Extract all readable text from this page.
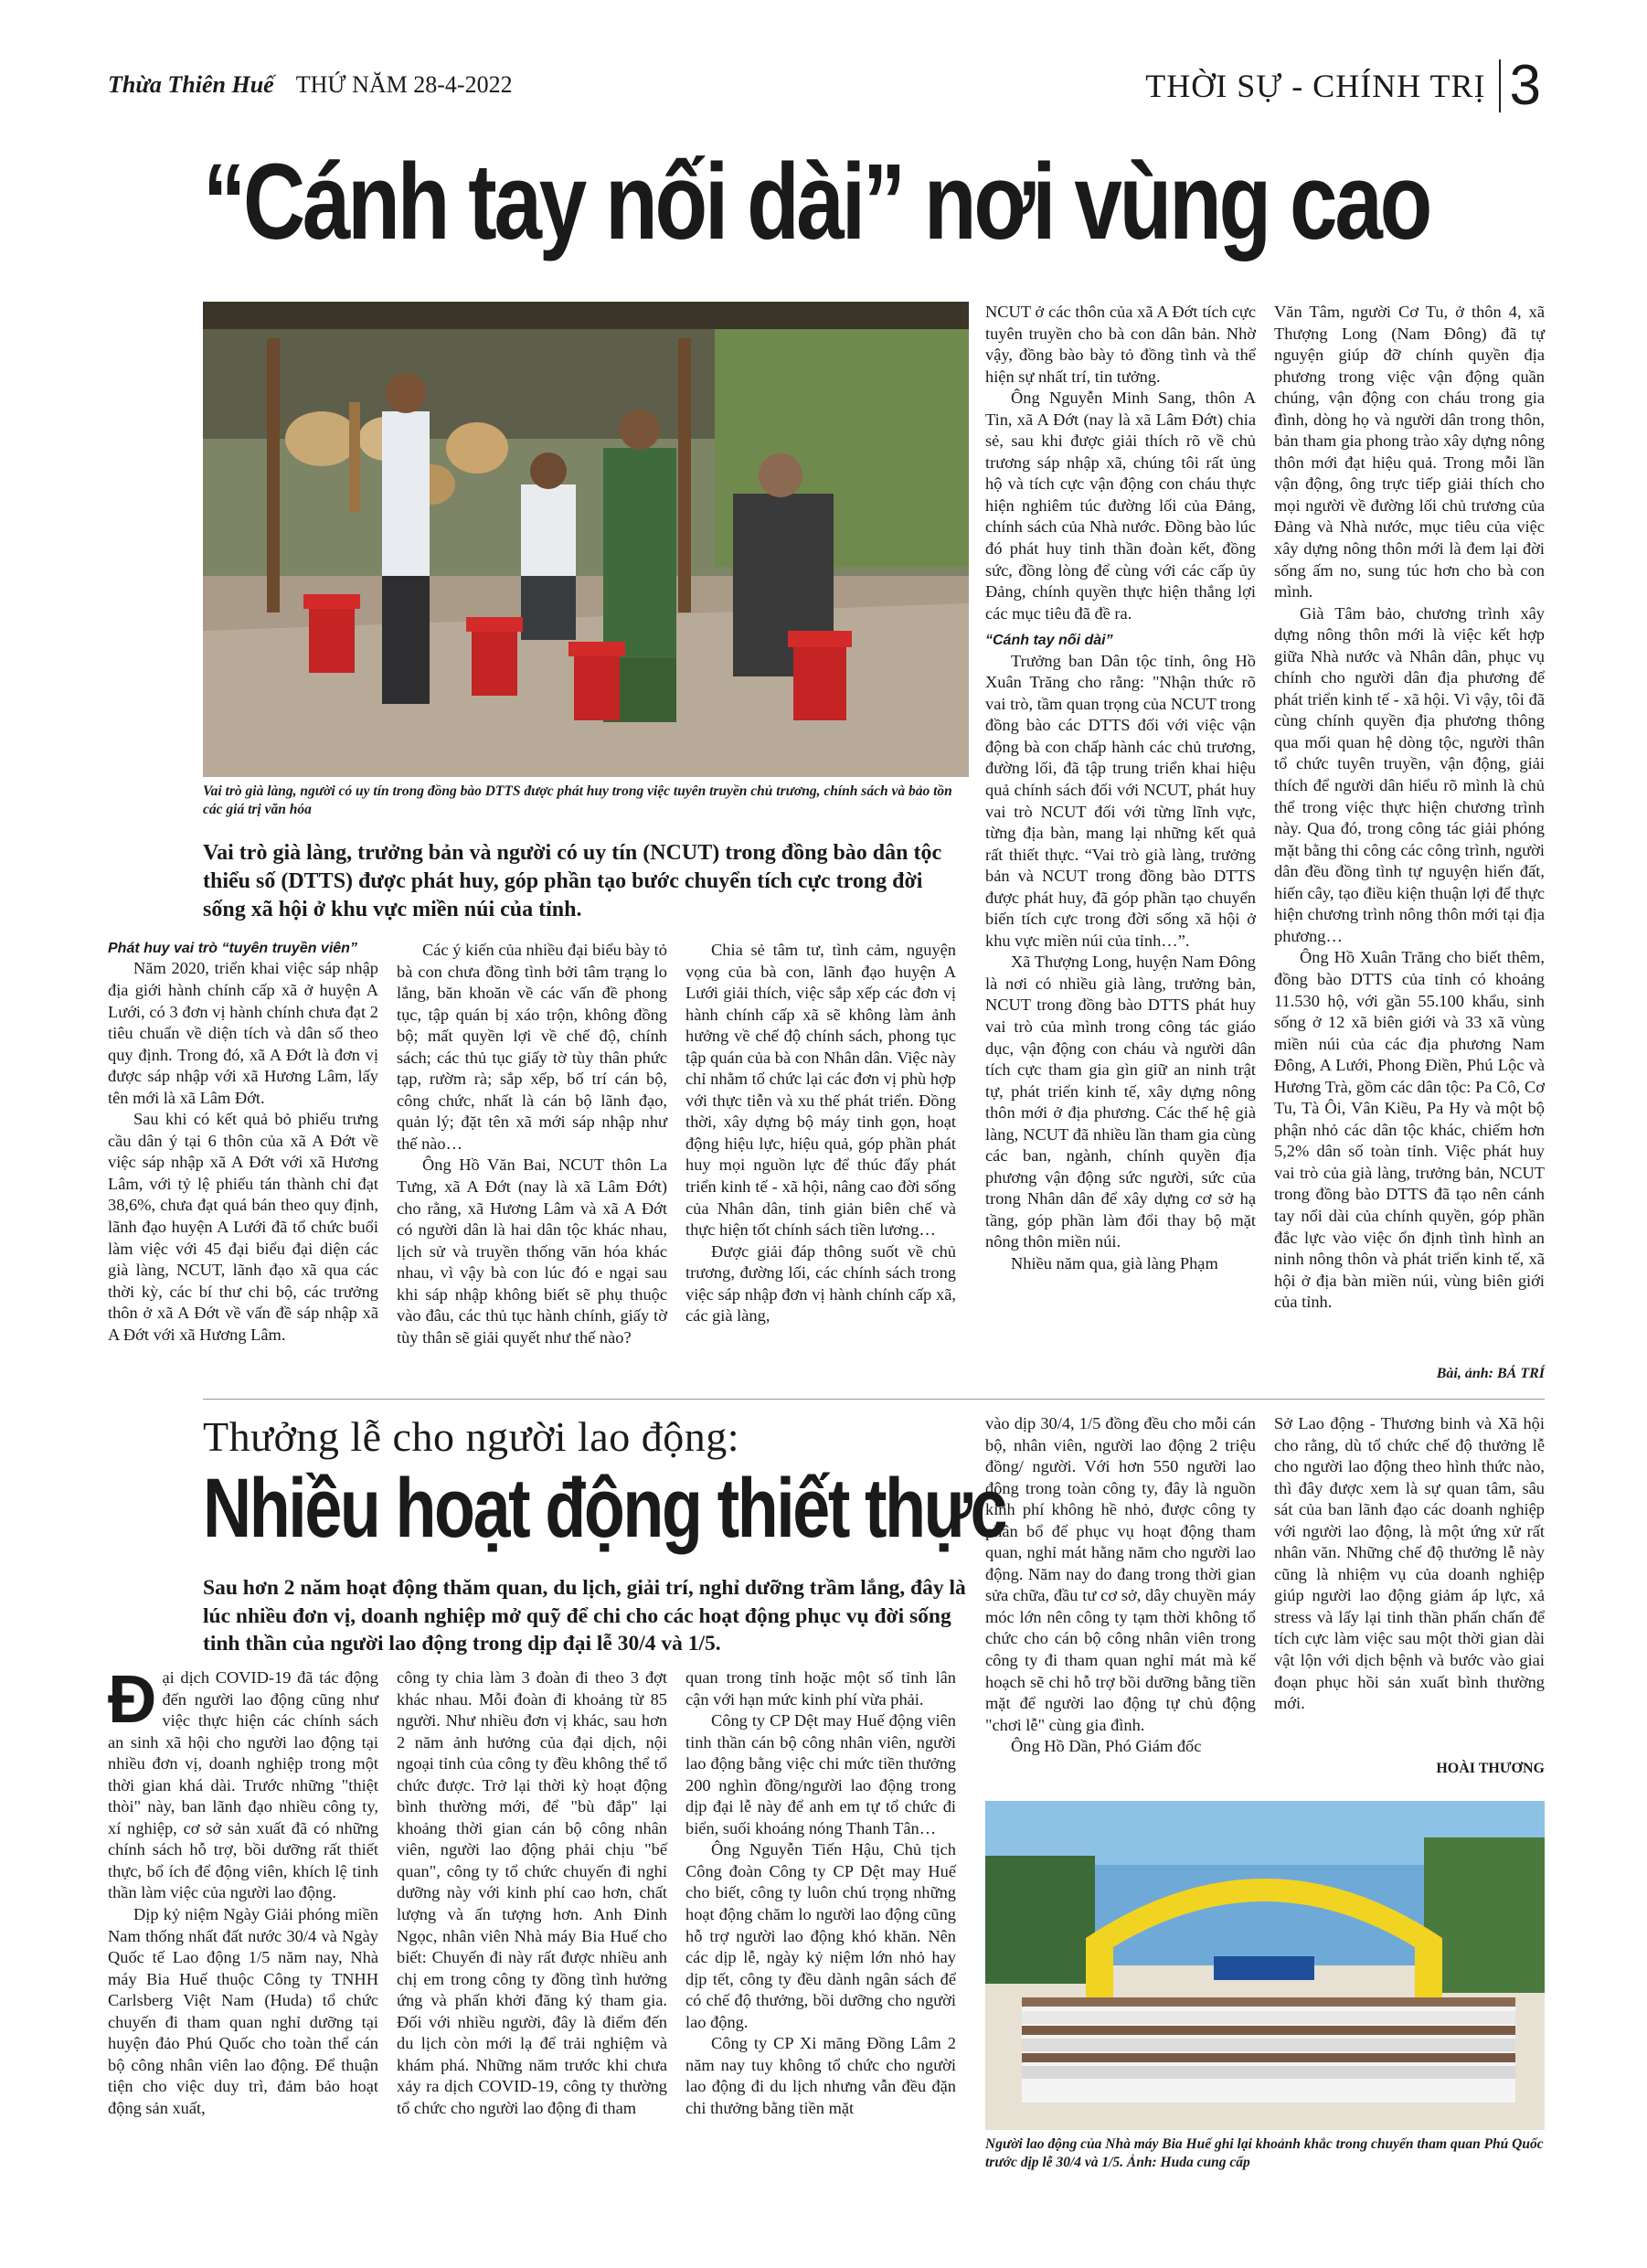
Thừa Thiên Huế THỨ NĂM 28-4-2022	THỜI SỰ - CHÍNH TRỊ 3
“Cánh tay nối dài” nơi vùng cao
Vai trò già làng, người có uy tín trong đồng bào DTTS được phát huy trong việc tuyên truyền chủ trương, chính sách và bảo tồn các giá trị văn hóa
Vai trò già làng, trưởng bản và người có uy tín (NCUT) trong đồng bào dân tộc thiểu số (DTTS) được phát huy, góp phần tạo bước chuyển tích cực trong đời sống xã hội ở khu vực miền núi của tỉnh.
Phát huy vai trò “tuyên truyền viên”

Năm 2020, triển khai việc sáp nhập địa giới hành chính cấp xã ở huyện A Lưới, có 3 đơn vị hành chính chưa đạt 2 tiêu chuẩn về diện tích và dân số theo quy định. Trong đó, xã A Đớt là đơn vị được sáp nhập với xã Hương Lâm, lấy tên mới là xã Lâm Đớt.

Sau khi có kết quả bỏ phiếu trưng cầu dân ý tại 6 thôn của xã A Đớt về việc sáp nhập xã A Đớt với xã Hương Lâm, với tỷ lệ phiếu tán thành chỉ đạt 38,6%, chưa đạt quá bán theo quy định, lãnh đạo huyện A Lưới đã tổ chức buổi làm việc với 45 đại biểu đại diện các già làng, NCUT, lãnh đạo xã qua các thời kỳ, các bí thư chi bộ, các trưởng thôn ở xã A Đớt về vấn đề sáp nhập xã A Đớt với xã Hương Lâm.

Các ý kiến của nhiều đại biểu bày tỏ bà con chưa đồng tình bởi tâm trạng lo lắng, băn khoăn về các vấn đề phong tục, tập quán bị xáo trộn, không đồng bộ; mất quyền lợi về chế độ, chính sách; các thủ tục giấy tờ tùy thân phức tạp, rườm rà; sắp xếp, bố trí cán bộ, công chức, nhất là cán bộ lãnh đạo, quản lý; đặt tên xã mới sáp nhập như thế nào…

Ông Hồ Văn Bai, NCUT thôn La Tưng, xã A Đớt (nay là xã Lâm Đớt) cho rằng, xã Hương Lâm và xã A Đớt có người dân là hai dân tộc khác nhau, lịch sử và truyền thống văn hóa khác nhau, vì vậy bà con lúc đó e ngại sau khi sáp nhập không biết sẽ phụ thuộc vào đâu, các thủ tục hành chính, giấy tờ tùy thân sẽ giải quyết như thế nào?

Chia sẻ tâm tư, tình cảm, nguyện vọng của bà con, lãnh đạo huyện A Lưới giải thích, việc sắp xếp các đơn vị hành chính cấp xã sẽ không làm ảnh hưởng về chế độ chính sách, phong tục tập quán của bà con Nhân dân. Việc này chỉ nhằm tổ chức lại các đơn vị phù hợp với thực tiễn và xu thế phát triển. Đồng thời, xây dựng bộ máy tinh gọn, hoạt động hiệu lực, hiệu quả, góp phần phát huy mọi nguồn lực để thúc đẩy phát triển kinh tế - xã hội, nâng cao đời sống của Nhân dân, tinh giản biên chế và thực hiện tốt chính sách tiền lương…

Được giải đáp thông suốt về chủ trương, đường lối, các chính sách trong việc sáp nhập đơn vị hành chính cấp xã, các già làng,

NCUT ở các thôn của xã A Đớt tích cực tuyên truyền cho bà con dân bản. Nhờ vậy, đồng bào bày tỏ đồng tình và thể hiện sự nhất trí, tin tưởng.

Ông Nguyễn Minh Sang, thôn A Tin, xã A Đớt (nay là xã Lâm Đớt) chia sẻ, sau khi được giải thích rõ về chủ trương sáp nhập xã, chúng tôi rất ủng hộ và tích cực vận động con cháu thực hiện nghiêm túc đường lối của Đảng, chính sách của Nhà nước. Đồng bào lúc đó phát huy tinh thần đoàn kết, đồng sức, đồng lòng để cùng với các cấp ủy Đảng, chính quyền thực hiện thắng lợi các mục tiêu đã đề ra.

“Cánh tay nối dài”

Trưởng ban Dân tộc tỉnh, ông Hồ Xuân Trăng cho rằng: "Nhận thức rõ vai trò, tầm quan trọng của NCUT trong đồng bào các DTTS đối với việc vận động bà con chấp hành các chủ trương, đường lối, đã tập trung triển khai hiệu quả chính sách đối với NCUT, phát huy vai trò NCUT đối với từng lĩnh vực, từng địa bàn, mang lại những kết quả rất thiết thực. “Vai trò già làng, trưởng bản và NCUT trong đồng bào DTTS được phát huy, đã góp phần tạo chuyển biến tích cực trong đời sống xã hội ở khu vực miền núi của tỉnh…”.

Xã Thượng Long, huyện Nam Đông là nơi có nhiều già làng, trưởng bản, NCUT trong đồng bào DTTS phát huy vai trò của mình trong công tác giáo dục, vận động con cháu và người dân tích cực tham gia gìn giữ an ninh trật tự, phát triển kinh tế, xây dựng nông thôn mới ở địa phương. Các thế hệ già làng, NCUT đã nhiều lần tham gia cùng các ban, ngành, chính quyền địa phương vận động sức người, sức của trong Nhân dân để xây dựng cơ sở hạ tầng, góp phần làm đổi thay bộ mặt nông thôn miền núi.

Nhiều năm qua, già làng Phạm

Văn Tâm, người Cơ Tu, ở thôn 4, xã Thượng Long (Nam Đông) đã tự nguyện giúp đỡ chính quyền địa phương trong việc vận động quần chúng, vận động con cháu trong gia đình, dòng họ và người dân trong thôn, bản tham gia phong trào xây dựng nông thôn mới đạt hiệu quả. Trong mỗi lần vận động, ông trực tiếp giải thích cho mọi người về đường lối chủ trương của Đảng và Nhà nước, mục tiêu của việc xây dựng nông thôn mới là đem lại đời sống ấm no, sung túc hơn cho bà con mình.

Già Tâm bảo, chương trình xây dựng nông thôn mới là việc kết hợp giữa Nhà nước và Nhân dân, phục vụ chính cho người dân địa phương để phát triển kinh tế - xã hội. Vì vậy, tôi đã cùng chính quyền địa phương thông qua mối quan hệ dòng tộc, người thân tổ chức tuyên truyền, vận động, giải thích để người dân hiểu rõ mình là chủ thể trong việc thực hiện chương trình này. Qua đó, trong công tác giải phóng mặt bằng thi công các công trình, người dân đều đồng tình tự nguyện hiến đất, hiến cây, tạo điều kiện thuận lợi để thực hiện chương trình nông thôn mới tại địa phương…

Ông Hồ Xuân Trăng cho biết thêm, đồng bào DTTS của tỉnh có khoảng 11.530 hộ, với gần 55.100 khẩu, sinh sống ở 12 xã biên giới và 33 xã vùng miền núi của các địa phương Nam Đông, A Lưới, Phong Điền, Phú Lộc và Hương Trà, gồm các dân tộc: Pa Cô, Cơ Tu, Tà Ôi, Vân Kiều, Pa Hy và một bộ phận nhỏ các dân tộc khác, chiếm hơn 5,2% dân số toàn tỉnh. Việc phát huy vai trò của già làng, trưởng bản, NCUT trong đồng bào DTTS đã tạo nên cánh tay nối dài của chính quyền, góp phần đắc lực vào việc ổn định tình hình an ninh nông thôn và phát triển kinh tế, xã hội ở địa bàn miền núi, vùng biên giới của tỉnh.

Bài, ảnh: BÁ TRÍ
Thưởng lễ cho người lao động:
Nhiều hoạt động thiết thực
Sau hơn 2 năm hoạt động thăm quan, du lịch, giải trí, nghỉ dưỡng trầm lắng, đây là lúc nhiều đơn vị, doanh nghiệp mở quỹ để chi cho các hoạt động phục vụ đời sống tinh thần của người lao động trong dịp đại lễ 30/4 và 1/5.

Đại dịch COVID-19 đã tác động đến người lao động cũng như việc thực hiện các chính sách an sinh xã hội cho người lao động tại nhiều đơn vị, doanh nghiệp trong một thời gian khá dài. Trước những "thiệt thòi" này, ban lãnh đạo nhiều công ty, xí nghiệp, cơ sở sản xuất đã có những chính sách hỗ trợ, bồi dưỡng rất thiết thực, bổ ích để động viên, khích lệ tinh thần làm việc của người lao động.

Dịp kỷ niệm Ngày Giải phóng miền Nam thống nhất đất nước 30/4 và Ngày Quốc tế Lao động 1/5 năm nay, Nhà máy Bia Huế thuộc Công ty TNHH Carlsberg Việt Nam (Huda) tổ chức chuyến đi tham quan nghỉ dưỡng tại huyện đảo Phú Quốc cho toàn thể cán bộ công nhân viên lao động. Để thuận tiện cho việc duy trì, đảm bảo hoạt động sản xuất,

công ty chia làm 3 đoàn đi theo 3 đợt khác nhau. Mỗi đoàn đi khoảng từ 85 người. Như nhiều đơn vị khác, sau hơn 2 năm ảnh hưởng của đại dịch, nội ngoại tỉnh của công ty đều không thể tổ chức được. Trở lại thời kỳ hoạt động bình thường mới, để "bù đắp" lại khoảng thời gian cán bộ công nhân viên, người lao động phải chịu "bế quan", công ty tổ chức chuyến đi nghỉ dưỡng này với kinh phí cao hơn, chất lượng và ấn tượng hơn. Anh Đinh Ngọc, nhân viên Nhà máy Bia Huế cho biết: Chuyến đi này rất được nhiều anh chị em trong công ty đồng tình hưởng ứng và phấn khởi đăng ký tham gia. Đối với nhiều người, đây là điểm đến du lịch còn mới lạ để trải nghiệm và khám phá. Những năm trước khi chưa xảy ra dịch COVID-19, công ty thường tổ chức cho người lao động đi tham

quan trong tỉnh hoặc một số tỉnh lân cận với hạn mức kinh phí vừa phải.

Công ty CP Dệt may Huế động viên tinh thần cán bộ công nhân viên, người lao động bằng việc chi mức tiền thưởng 200 nghìn đồng/người lao động trong dịp đại lễ này để anh em tự tổ chức đi biển, suối khoáng nóng Thanh Tân…

Ông Nguyễn Tiến Hậu, Chủ tịch Công đoàn Công ty CP Dệt may Huế cho biết, công ty luôn chú trọng những hoạt động chăm lo người lao động cũng hỗ trợ người lao động khó khăn. Nên các dịp lễ, ngày kỷ niệm lớn nhỏ hay dịp tết, công ty đều dành ngân sách để có chế độ thưởng, bồi dưỡng cho người lao động.

Công ty CP Xi măng Đồng Lâm 2 năm nay tuy không tổ chức cho người lao động đi du lịch nhưng vẫn đều đặn chi thưởng bằng tiền mặt

vào dịp 30/4, 1/5 đồng đều cho mỗi cán bộ, nhân viên, người lao động 2 triệu đồng/ người. Với hơn 550 người lao động trong toàn công ty, đây là nguồn kinh phí không hề nhỏ, được công ty phân bổ để phục vụ hoạt động tham quan, nghỉ mát hằng năm cho người lao động. Năm nay do đang trong thời gian sửa chữa, đầu tư cơ sở, dây chuyền máy móc lớn nên công ty tạm thời không tổ chức cho cán bộ công nhân viên trong công ty đi tham quan nghỉ mát mà kế hoạch sẽ chi hỗ trợ bồi dưỡng bằng tiền mặt để người lao động tự chủ động "chơi lễ" cùng gia đình.

Ông Hồ Dần, Phó Giám đốc

Sở Lao động - Thương binh và Xã hội cho rằng, dù tổ chức chế độ thưởng lễ cho người lao động theo hình thức nào, thì đây được xem là sự quan tâm, sâu sát của ban lãnh đạo các doanh nghiệp với người lao động, là một ứng xử rất nhân văn. Những chế độ thưởng lễ này cũng là nhiệm vụ của doanh nghiệp giúp người lao động giảm áp lực, xả stress và lấy lại tinh thần phấn chấn để tích cực làm việc sau một thời gian dài vật lộn với dịch bệnh và bước vào giai đoạn phục hồi sản xuất bình thường mới.

HOÀI THƯƠNG
Người lao động của Nhà máy Bia Huế ghi lại khoảnh khắc trong chuyến tham quan Phú Quốc trước dịp lễ 30/4 và 1/5. Ảnh: Huda cung cấp
